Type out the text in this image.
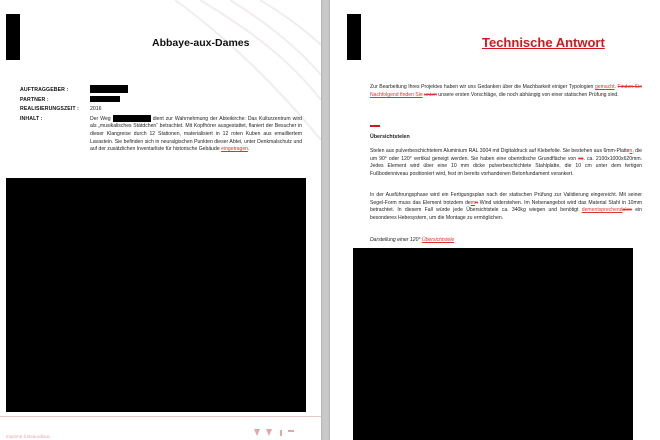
Abbaye-aux-Dames
AUFTRAGGEBER :
PARTNER :
REALISIERUNGSZEIT : 2016
INHALT :	Der Weg	dient zur Wahrnehmung der Abteikirche: Das Kulturzentrum wird als „musikalisches Stätdchen“ betrachtet. Mit Kopfhörer ausgestattet, flaniert der Besucher in dieser Klangreise durch 12 Stationen, materialisiert in 12 roten Kuben aus emailliertem Lavastein. Sie befinden sich in neuralgischen Punkten dieser Abtei, unter Denkmalschutz und auf der zusätzlichen Inventarliste für historische Gebäude eingetragen.
Imprimé à Beauvillaux
Technische Antwort
Zur Bearbeitung Ihres Projektes haben wir uns Gedanken über die Machbarkeit einiger Typologien gemacht. Finden Sie Nachfolgend finden Sie unten unsere ersten Vorschläge, die noch abhängig von einer statischen Prüfung sind.
Übersichtstelen
Stelen aus pulverbeschichtetem Aluminium RAL 3004 mit Digitaldruck auf Klebefolie. Sie bestehen aus 6mm-Platten, die um 90° oder 120° vertikal geneigt werden. Sie haben eine oberirdische Grundfläche von ca. ca. 2100x1000x620mm. Jedes Element wird über eine 10 mm dicke pulverbeschichtete Stahlplatte, die 10 cm unter dem fertigen Fußbodenniveau positioniert wird, fest im bereits vorhandenen Betonfundament verankert.
In der Ausführungsphase wird ein Fertigungsplan nach der statischen Prüfung zur Validierung eingereicht. Mit seiner Segel-Form muss das Element trotzdem demn Wind widerstehen. Im Nebenangebot wird das Material Stahl in 10mm betrachtet. In diesem Fall würde jede Übersichtstele ca. 340kg wiegen und benötigt dementsprechendalso ein besonderes Hebesystem, um die Montage zu ermöglichen.
Darstellung einer 120° Übersichtstele
